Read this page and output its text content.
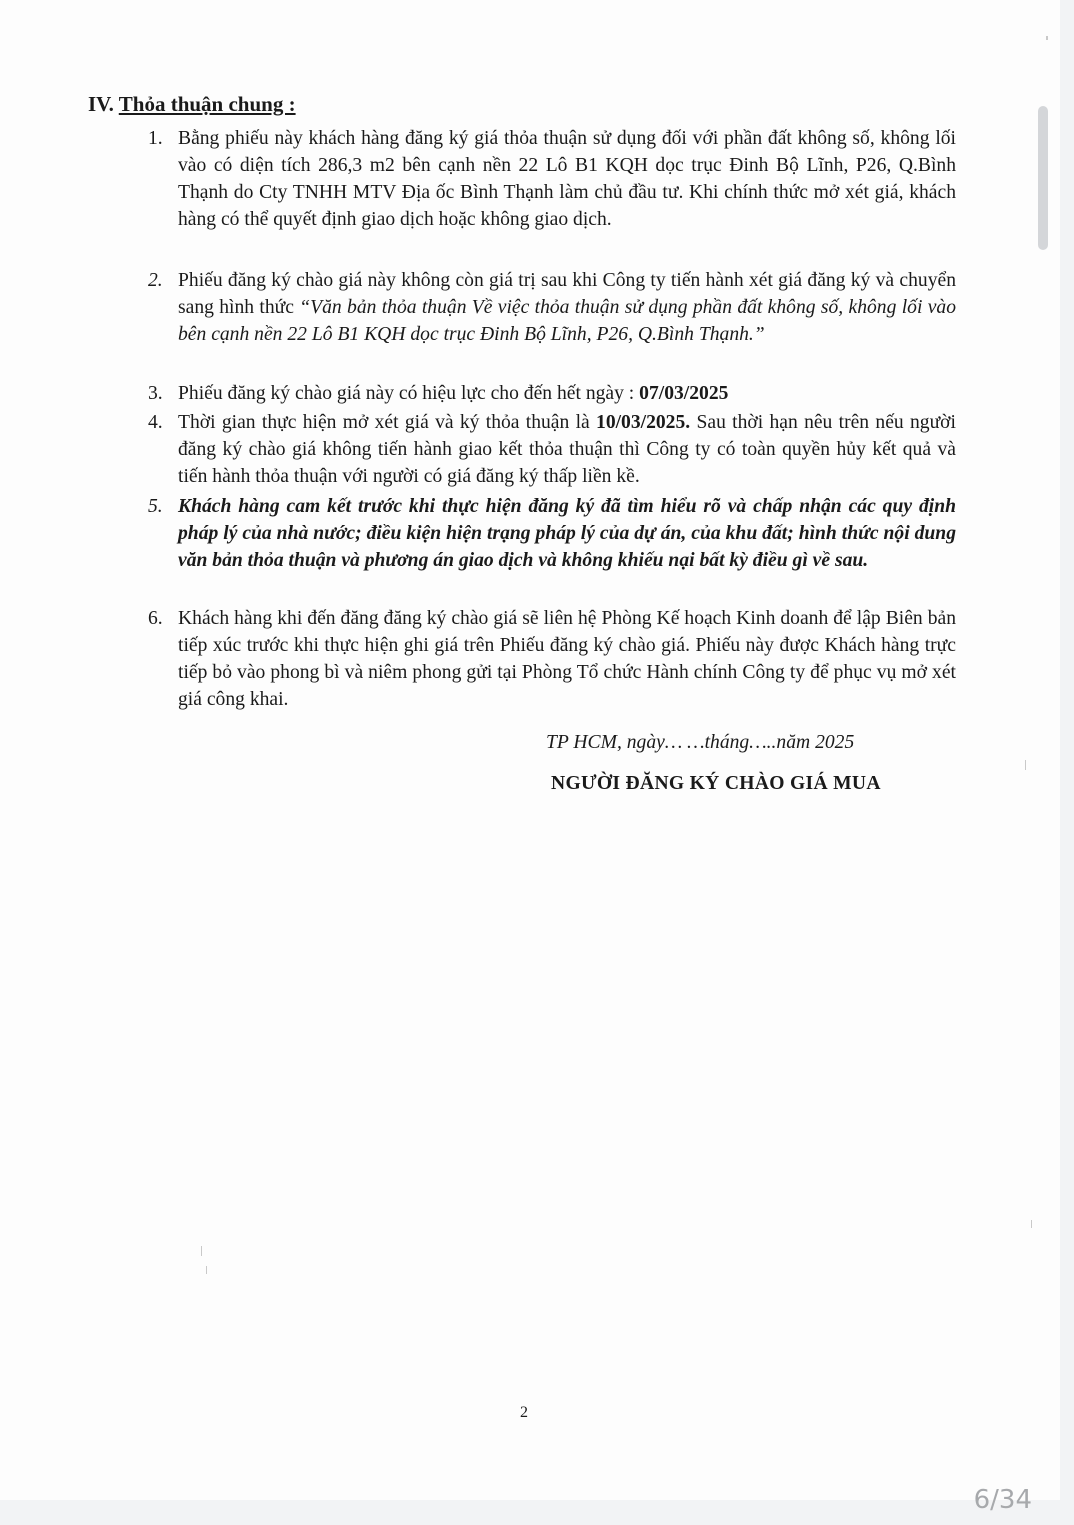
IV. Thỏa thuận chung :
1. Bằng phiếu này khách hàng đăng ký giá thỏa thuận sử dụng đối với phần đất không số, không lối vào có diện tích 286,3 m2 bên cạnh nền 22 Lô B1 KQH dọc trục Đinh Bộ Lĩnh, P26, Q.Bình Thạnh do Cty TNHH MTV Địa ốc Bình Thạnh làm chủ đầu tư. Khi chính thức mở xét giá, khách hàng có thể quyết định giao dịch hoặc không giao dịch.
2. Phiếu đăng ký chào giá này không còn giá trị sau khi Công ty tiến hành xét giá đăng ký và chuyển sang hình thức “Văn bản thỏa thuận Về việc thỏa thuận sử dụng phần đất không số, không lối vào bên cạnh nền 22 Lô B1 KQH dọc trục Đinh Bộ Lĩnh, P26, Q.Bình Thạnh.”
3. Phiếu đăng ký chào giá này có hiệu lực cho đến hết ngày : 07/03/2025
4. Thời gian thực hiện mở xét giá và ký thỏa thuận là 10/03/2025. Sau thời hạn nêu trên nếu người đăng ký chào giá không tiến hành giao kết thỏa thuận thì Công ty có toàn quyền hủy kết quả và tiến hành thỏa thuận với người có giá đăng ký thấp liền kề.
5. Khách hàng cam kết trước khi thực hiện đăng ký đã tìm hiểu rõ và chấp nhận các quy định pháp lý của nhà nước; điều kiện hiện trạng pháp lý của dự án, của khu đất; hình thức nội dung văn bản thỏa thuận và phương án giao dịch và không khiếu nại bất kỳ điều gì về sau.
6. Khách hàng khi đến đăng đăng ký chào giá sẽ liên hệ Phòng Kế hoạch Kinh doanh để lập Biên bản tiếp xúc trước khi thực hiện ghi giá trên Phiếu đăng ký chào giá. Phiếu này được Khách hàng trực tiếp bỏ vào phong bì và niêm phong gửi tại Phòng Tổ chức Hành chính Công ty để phục vụ mở xét giá công khai.
TP HCM, ngày… …tháng…..năm 2025
NGƯỜI ĐĂNG KÝ CHÀO GIÁ MUA
2
6/34
